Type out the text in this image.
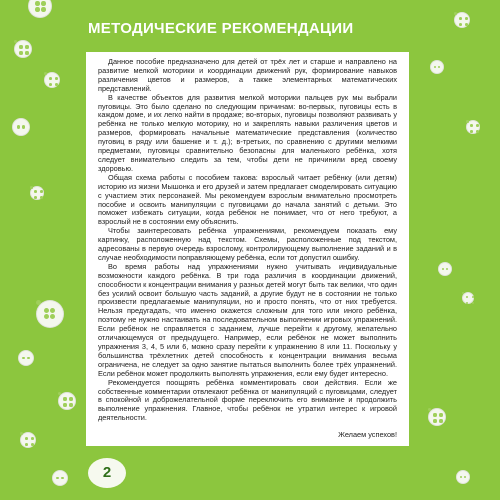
МЕТОДИЧЕСКИЕ РЕКОМЕНДАЦИИ

Данное пособие предназначено для детей от трёх лет и старше и направлено на развитие мелкой моторики и координации движений рук, формирование навыков различения цветов и размеров, а также элементарных математических представлений.

В качестве объектов для развития мелкой моторики пальцев рук мы выбрали пуговицы. Это было сделано по следующим причинам: во-первых, пуговицы есть в каждом доме, и их легко найти в продаже; во-вторых, пуговицы позволяют развивать у ребёнка не только мелкую моторику, но и закреплять навыки различения цветов и размеров, формировать начальные математические представления (количество пуговиц в ряду или башенке и т. д.); в-третьих, по сравнению с другими мелкими предметами, пуговицы сравнительно безопасны для маленького ребёнка, хотя следует внимательно следить за тем, чтобы дети не причинили вред своему здоровью.

Общая схема работы с пособием такова: взрослый читает ребёнку (или детям) историю из жизни Мышонка и его друзей и затем предлагает смоделировать ситуацию с участием этих персонажей. Мы рекомендуем взрослым внимательно просмотреть пособие и освоить манипуляции с пуговицами до начала занятий с детьми. Это поможет избежать ситуации, когда ребёнок не понимает, что от него требуют, а взрослый не в состоянии ему объяснить.

Чтобы заинтересовать ребёнка упражнениями, рекомендуем показать ему картинку, расположенную над текстом. Схемы, расположенные под текстом, адресованы в первую очередь взрослому, контролирующему выполнение заданий и в случае необходимости поправляющему ребёнка, если тот допустил ошибку.

Во время работы над упражнениями нужно учитывать индивидуальные возможности каждого ребёнка. В три года различия в координации движений, способности к концентрации внимания у разных детей могут быть так велики, что один без усилий освоит большую часть заданий, а другие будут не в состоянии не только произвести предлагаемые манипуляции, но и просто понять, что от них требуется. Нельзя предугадать, что именно окажется сложным для того или иного ребёнка, поэтому не нужно настаивать на последовательном выполнении игровых упражнений. Если ребёнок не справляется с заданием, лучше перейти к другому, желательно отличающемуся от предыдущего. Например, если ребёнок не может выполнить упражнения 3, 4, 5 или 6, можно сразу перейти к упражнению 8 или 11. Поскольку у большинства трёхлетних детей способность к концентрации внимания весьма ограничена, не следует за одно занятие пытаться выполнить более трёх упражнений. Если ребёнок может продолжить выполнять упражнения, если ему будет интересно.

Рекомендуется поощрять ребёнка комментировать свои действия. Если же собственные комментарии отвлекают ребёнка от манипуляций с пуговицами, следует в спокойной и доброжелательной форме переключить его внимание и продолжить выполнение упражнения. Главное, чтобы ребёнок не утратил интерес к игровой деятельности.

Желаем успехов!

2
